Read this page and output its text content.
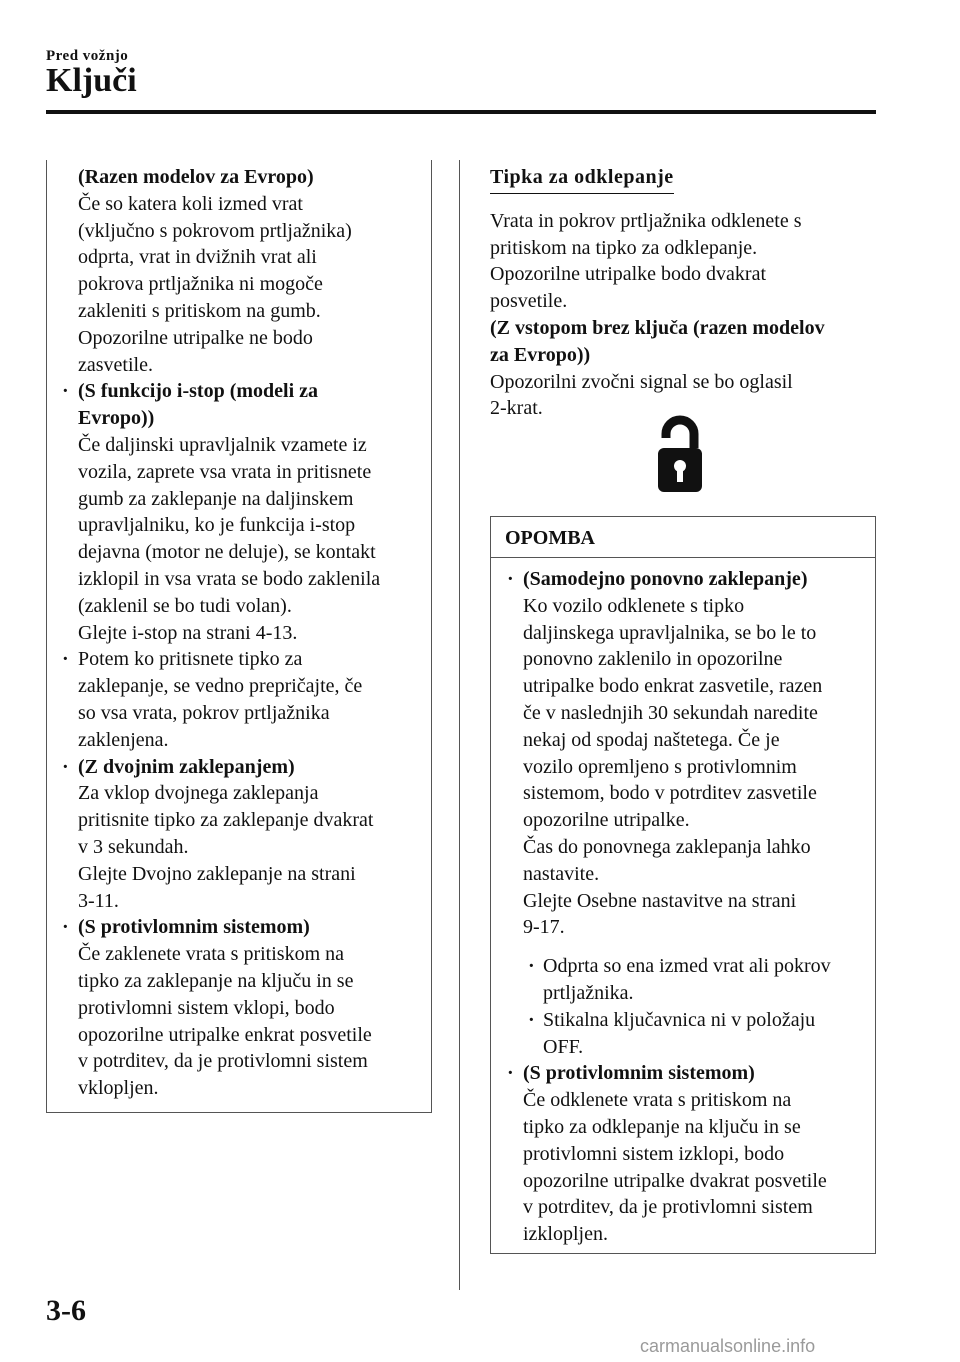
Pred vožnjo
Ključi
(Razen modelov za Evropo)
Če so katera koli izmed vrat
(vključno s pokrovom prtljažnika)
odprta, vrat in dvižnih vrat ali
pokrova prtljažnika ni mogoče
zakleniti s pritiskom na gumb.
Opozorilne utripalke ne bodo
zasvetile.
· (S funkcijo i-stop (modeli za
Evropo))
Če daljinski upravljalnik vzamete iz
vozila, zaprete vsa vrata in pritisnete
gumb za zaklepanje na daljinskem
upravljalniku, ko je funkcija i-stop
dejavna (motor ne deluje), se kontakt
izklopil in vsa vrata se bodo zaklenila
(zaklenil se bo tudi volan).
Glejte i-stop na strani 4-13.
· Potem ko pritisnete tipko za
zaklepanje, se vedno prepričajte, če
so vsa vrata, pokrov prtljažnika
zaklenjena.
· (Z dvojnim zaklepanjem)
Za vklop dvojnega zaklepanja
pritisnite tipko za zaklepanje dvakrat
v 3 sekundah.
Glejte Dvojno zaklepanje na strani
3-11.
· (S protivlomnim sistemom)
Če zaklenete vrata s pritiskom na
tipko za zaklepanje na ključu in se
protivlomni sistem vklopi, bodo
opozorilne utripalke enkrat posvetile
v potrditev, da je protivlomni sistem
vklopljen.
Tipka za odklepanje
Vrata in pokrov prtljažnika odklenete s
pritiskom na tipko za odklepanje.
Opozorilne utripalke bodo dvakrat
posvetile.
(Z vstopom brez ključa (razen modelov
za Evropo))
Opozorilni zvočni signal se bo oglasil
2-krat.
OPOMBA
· (Samodejno ponovno zaklepanje)
Ko vozilo odklenete s tipko
daljinskega upravljalnika, se bo le to
ponovno zaklenilo in opozorilne
utripalke bodo enkrat zasvetile, razen
če v naslednjih 30 sekundah naredite
nekaj od spodaj naštetega. Če je
vozilo opremljeno s protivlomnim
sistemom, bodo v potrditev zasvetile
opozorilne utripalke.
Čas do ponovnega zaklepanja lahko
nastavite.
Glejte Osebne nastavitve na strani
9-17.
· Odprta so ena izmed vrat ali pokrov
prtljažnika.
· Stikalna ključavnica ni v položaju
OFF.
· (S protivlomnim sistemom)
Če odklenete vrata s pritiskom na
tipko za odklepanje na ključu in se
protivlomni sistem izklopi, bodo
opozorilne utripalke dvakrat posvetile
v potrditev, da je protivlomni sistem
izklopljen.
3-6
carmanualsonline.info
